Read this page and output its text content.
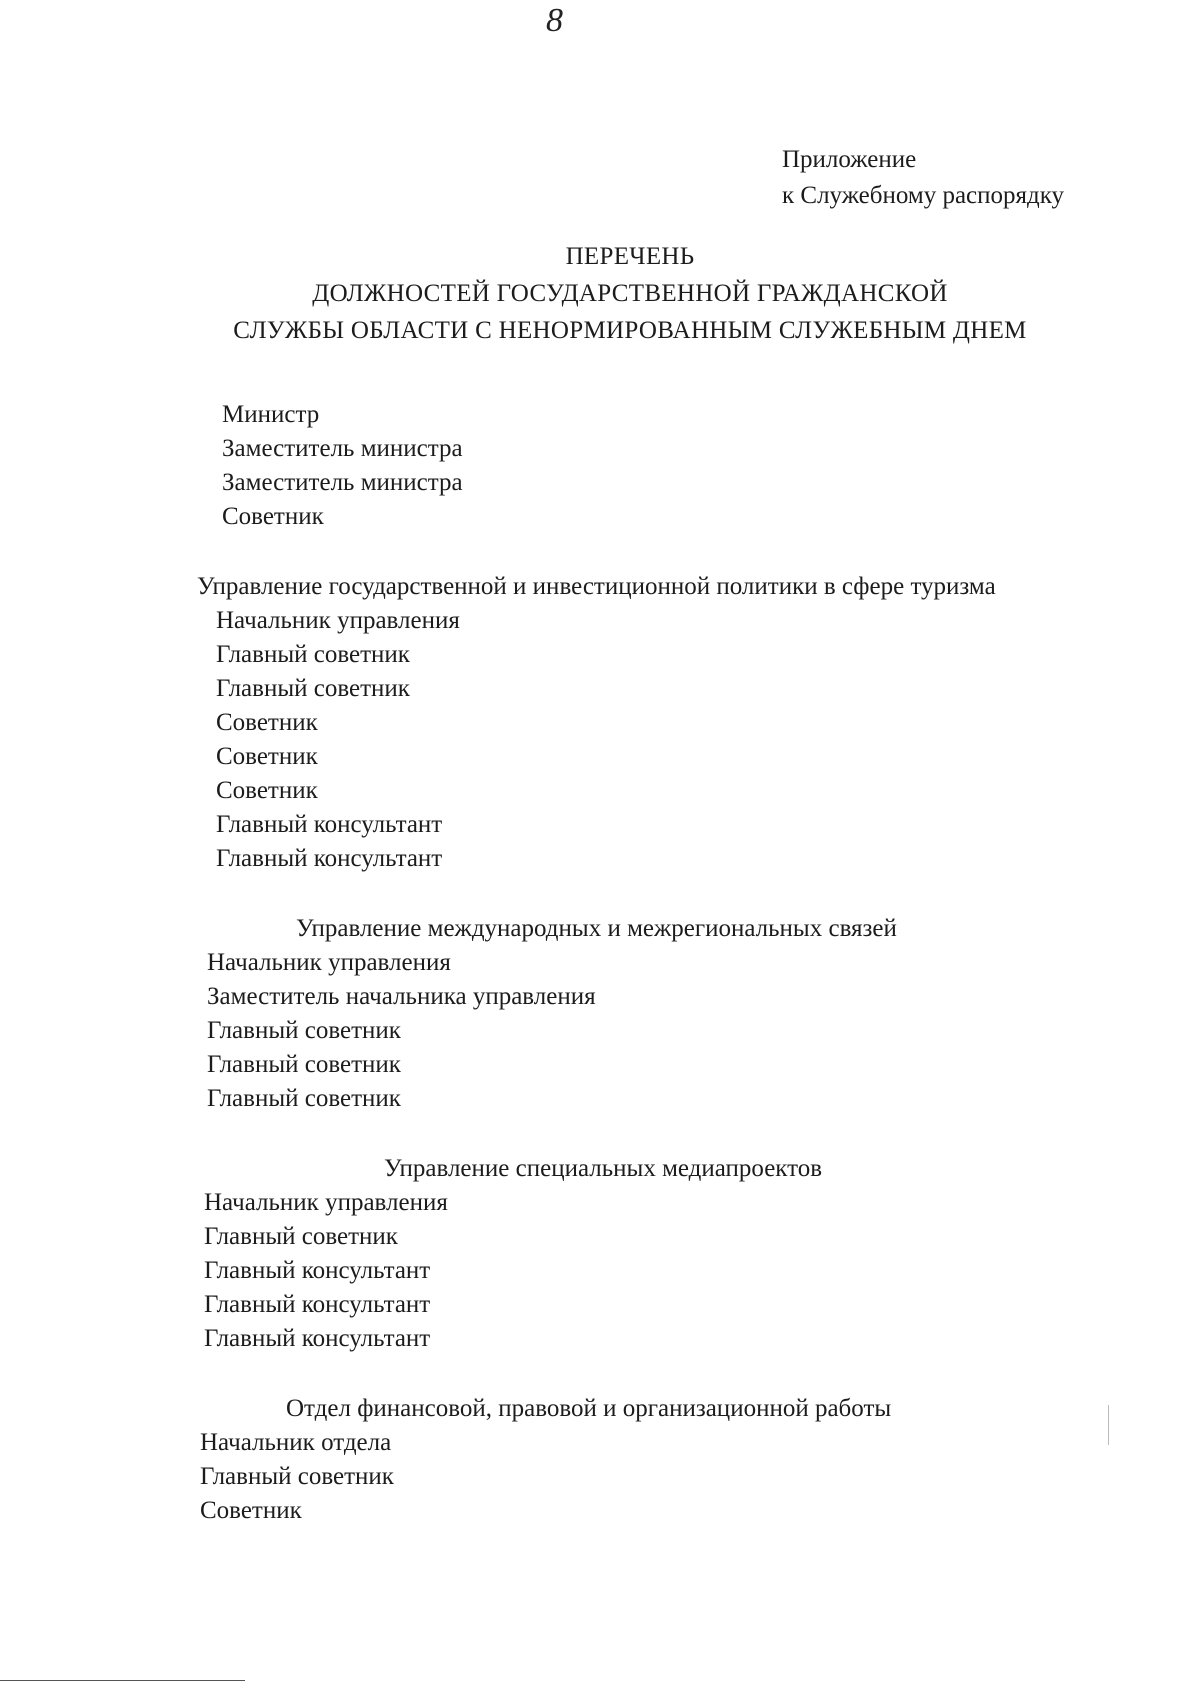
8
Приложение
к Служебному распорядку
ПЕРЕЧЕНЬ
ДОЛЖНОСТЕЙ ГОСУДАРСТВЕННОЙ ГРАЖДАНСКОЙ
СЛУЖБЫ ОБЛАСТИ С НЕНОРМИРОВАННЫМ СЛУЖЕБНЫМ ДНЕМ
Министр
Заместитель министра
Заместитель министра
Советник
Управление государственной и инвестиционной политики в сфере туризма
Начальник управления
Главный советник
Главный советник
Советник
Советник
Советник
Главный консультант
Главный консультант
Управление международных и межрегиональных связей
Начальник управления
Заместитель начальника управления
Главный советник
Главный советник
Главный советник
Управление специальных медиапроектов
Начальник управления
Главный советник
Главный консультант
Главный консультант
Главный консультант
Отдел финансовой, правовой и организационной работы
Начальник отдела
Главный советник
Советник
